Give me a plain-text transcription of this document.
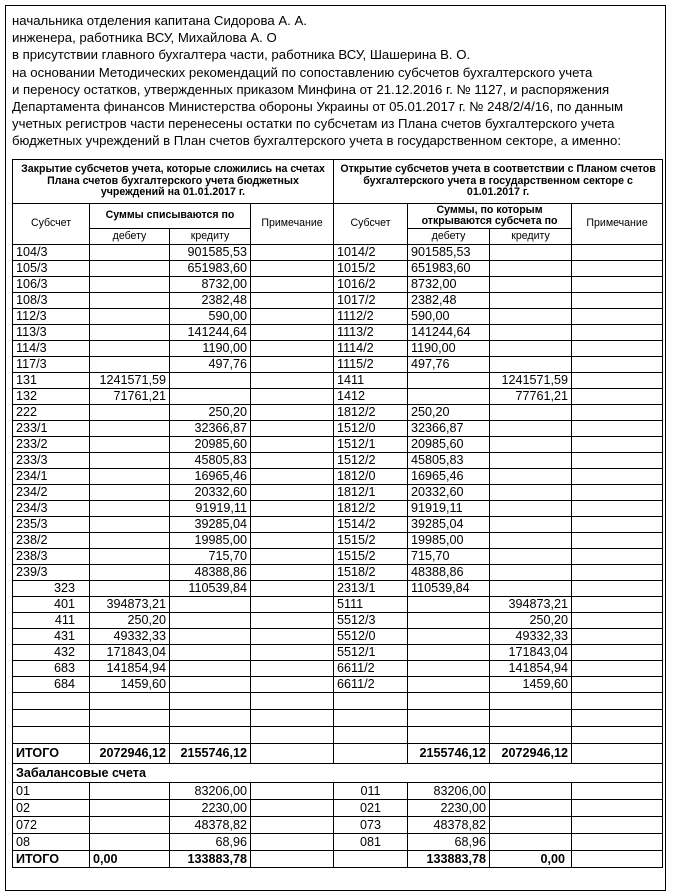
начальника отделения капитана Сидорова А. А.
инженера, работника ВСУ, Михайлова А. О
в присутствии главного бухгалтера части, работника ВСУ, Шашерина В. О.
на основании Методических рекомендаций по сопоставлению субсчетов бухгалтерского учета
и переносу остатков, утвержденных приказом Минфина от 21.12.2016 г. № 1127, и распоряжения
Департамента финансов Министерства обороны Украины от 05.01.2017 г. № 248/2/4/16, по данным
учетных регистров части перенесены остатки по субсчетам из Плана счетов бухгалтерского учета
бюджетных учреждений в План счетов бухгалтерского учета в государственном секторе, а именно:
Закрытие субсчетов учета, которые сложились на счетах Плана счетов бухгалтерского учета бюджетных учреждений на 01.01.2017 г.				Открытие субсчетов учета в соответствии с Планом счетов бухгалтерского учета в государственном секторе с 01.01.2017 г.			
Субсчет	Суммы списываются по		Примечание	Субсчет	Суммы, по которым открываются субсчета по		Примечание
	дебету	кредиту			дебету	кредиту	
104/3		901585,53		1014/2	901585,53		
105/3		651983,60		1015/2	651983,60		
106/3		8732,00		1016/2	8732,00		
108/3		2382,48		1017/2	2382,48		
112/3		590,00		1112/2	590,00		
113/3		141244,64		1113/2	141244,64		
114/3		1190,00		1114/2	1190,00		
117/3		497,76		1115/2	497,76		
131	1241571,59			1411		1241571,59	
132	71761,21			1412		77761,21	
222		250,20		1812/2	250,20		
233/1		32366,87		1512/0	32366,87		
233/2		20985,60		1512/1	20985,60		
233/3		45805,83		1512/2	45805,83		
234/1		16965,46		1812/0	16965,46		
234/2		20332,60		1812/1	20332,60		
234/3		91919,11		1812/2	91919,11		
235/3		39285,04		1514/2	39285,04		
238/2		19985,00		1515/2	19985,00		
238/3		715,70		1515/2	715,70		
239/3		48388,86		1518/2	48388,86		
323		110539,84		2313/1	110539,84		
401	394873,21			5111		394873,21	
411	250,20			5512/3		250,20	
431	49332,33			5512/0		49332,33	
432	171843,04			5512/1		171843,04	
683	141854,94			6611/2		141854,94	
684	1459,60			6611/2		1459,60	

ИТОГО	2072946,12	2155746,12			2155746,12	2072946,12	
Забалансовые счета							
01		83206,00		011	83206,00		
02		2230,00		021	2230,00		
072		48378,82		073	48378,82		
08		68,96		081	68,96		
ИТОГО	0,00	133883,78			133883,78	0,00	
